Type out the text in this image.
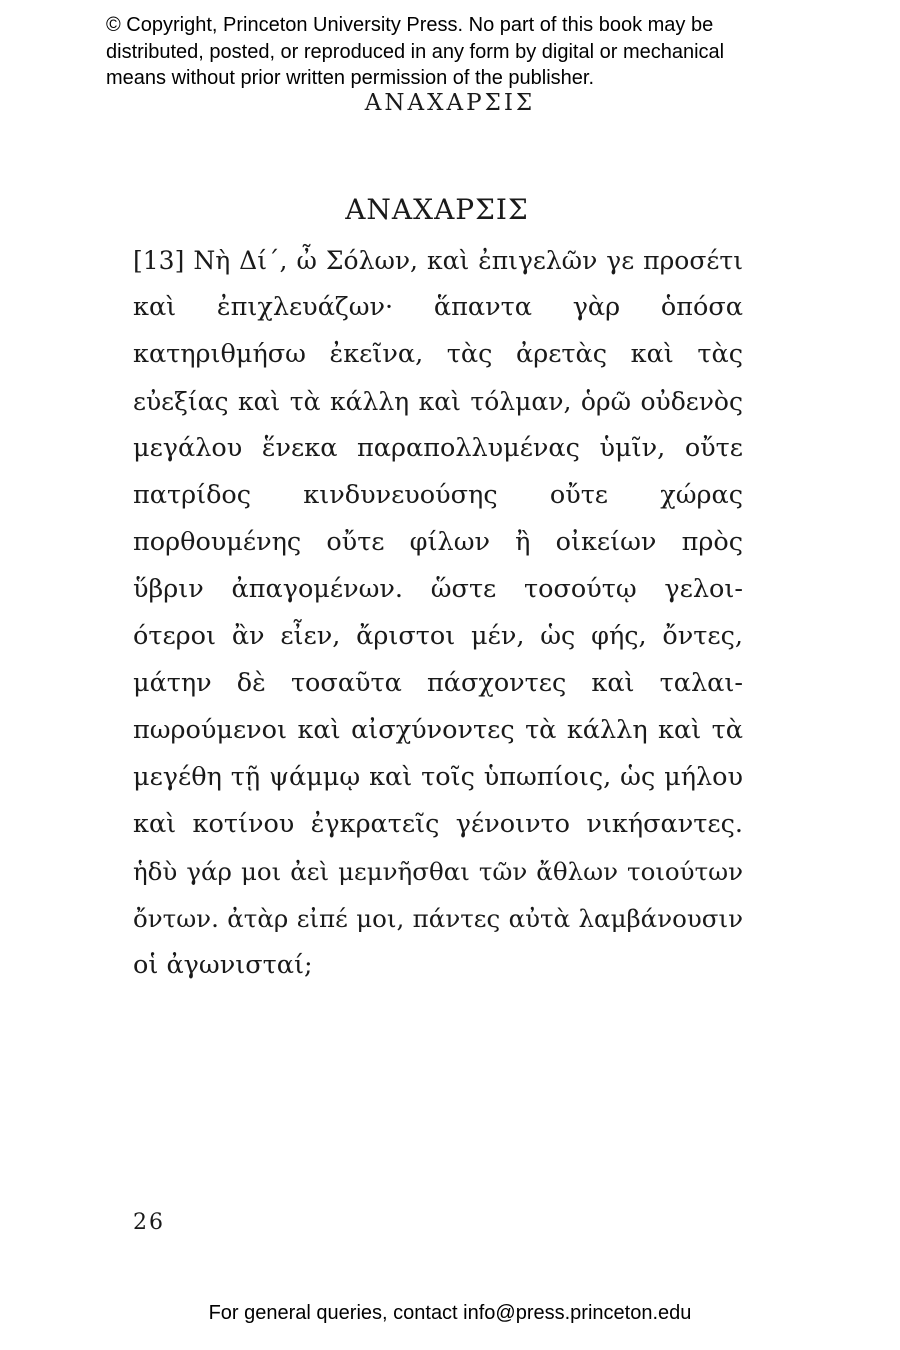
© Copyright, Princeton University Press. No part of this book may be
distributed, posted, or reproduced in any form by digital or mechanical
means without prior written permission of the publisher.
ΑΝΑΧΑΡΣΙΣ
ΑΝΑΧΑΡΣΙΣ
[13] Νὴ Δί΄, ὦ Σόλων, καὶ ἐπιγελῶν γε προσέτι
καὶ ἐπιχλευάζων· ἅπαντα γὰρ ὁπόσα
κατηριθμήσω ἐκεῖνα, τὰς ἀρετὰς καὶ τὰς
εὐεξίας καὶ τὰ κάλλη καὶ τόλμαν, ὁρῶ οὐδενὸς
μεγάλου ἕνεκα παραπολλυμένας ὑμῖν, οὔτε
πατρίδος κινδυνευούσης οὔτε χώρας
πορθουμένης οὔτε φίλων ἢ οἰκείων πρὸς
ὕβριν ἀπαγομένων. ὥστε τοσούτῳ γελοι-
ότεροι ἂν εἶεν, ἄριστοι μέν, ὡς φής, ὄντες,
μάτην δὲ τοσαῦτα πάσχοντες καὶ ταλαι-
πωρούμενοι καὶ αἰσχύνοντες τὰ κάλλη καὶ τὰ
μεγέθη τῇ ψάμμῳ καὶ τοῖς ὑπωπίοις, ὡς μήλου
καὶ κοτίνου ἐγκρατεῖς γένοιντο νικήσαντες.
ἡδὺ γάρ μοι ἀεὶ μεμνῆσθαι τῶν ἄθλων τοιούτων
ὄντων. ἀτὰρ εἰπέ μοι, πάντες αὐτὰ λαμβάνουσιν
οἱ ἀγωνισταί;
26
For general queries, contact info@press.princeton.edu
